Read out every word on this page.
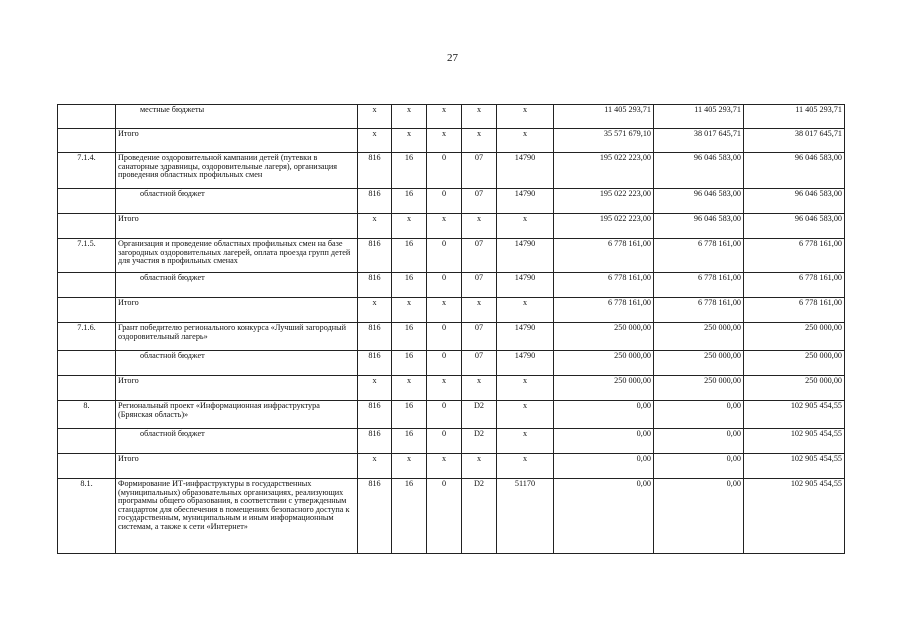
27
	местные бюджеты	x	x	x	x	x	11 405 293,71	11 405 293,71	11 405 293,71
	Итого	x	x	x	x	x	35 571 679,10	38 017 645,71	38 017 645,71
7.1.4.	Проведение оздоровительной кампании детей (путевки в санаторные здравницы, оздоровительные лагеря), организация проведения областных профильных смен	816	16	0	07	14790	195 022 223,00	96 046 583,00	96 046 583,00
	областной бюджет	816	16	0	07	14790	195 022 223,00	96 046 583,00	96 046 583,00
	Итого	x	x	x	x	x	195 022 223,00	96 046 583,00	96 046 583,00
7.1.5.	Организация и проведение областных профильных смен на базе загородных оздоровительных лагерей, оплата проезда групп детей для участия в профильных сменах	816	16	0	07	14790	6 778 161,00	6 778 161,00	6 778 161,00
	областной бюджет	816	16	0	07	14790	6 778 161,00	6 778 161,00	6 778 161,00
	Итого	x	x	x	x	x	6 778 161,00	6 778 161,00	6 778 161,00
7.1.6.	Грант победителю регионального конкурса «Лучший загородный оздоровительный лагерь»	816	16	0	07	14790	250 000,00	250 000,00	250 000,00
	областной бюджет	816	16	0	07	14790	250 000,00	250 000,00	250 000,00
	Итого	x	x	x	x	x	250 000,00	250 000,00	250 000,00
8.	Региональный проект «Информационная инфраструктура (Брянская область)»	816	16	0	D2	x	0,00	0,00	102 905 454,55
	областной бюджет	816	16	0	D2	x	0,00	0,00	102 905 454,55
	Итого	x	x	x	x	x	0,00	0,00	102 905 454,55
8.1.	Формирование ИТ-инфраструктуры в государственных (муниципальных) образовательных организациях, реализующих программы общего образования, в соответствии с утвержденным стандартом для обеспечения в помещениях безопасного доступа к государственным, муниципальным и иным информационным системам, а также к сети «Интернет»	816	16	0	D2	51170	0,00	0,00	102 905 454,55
